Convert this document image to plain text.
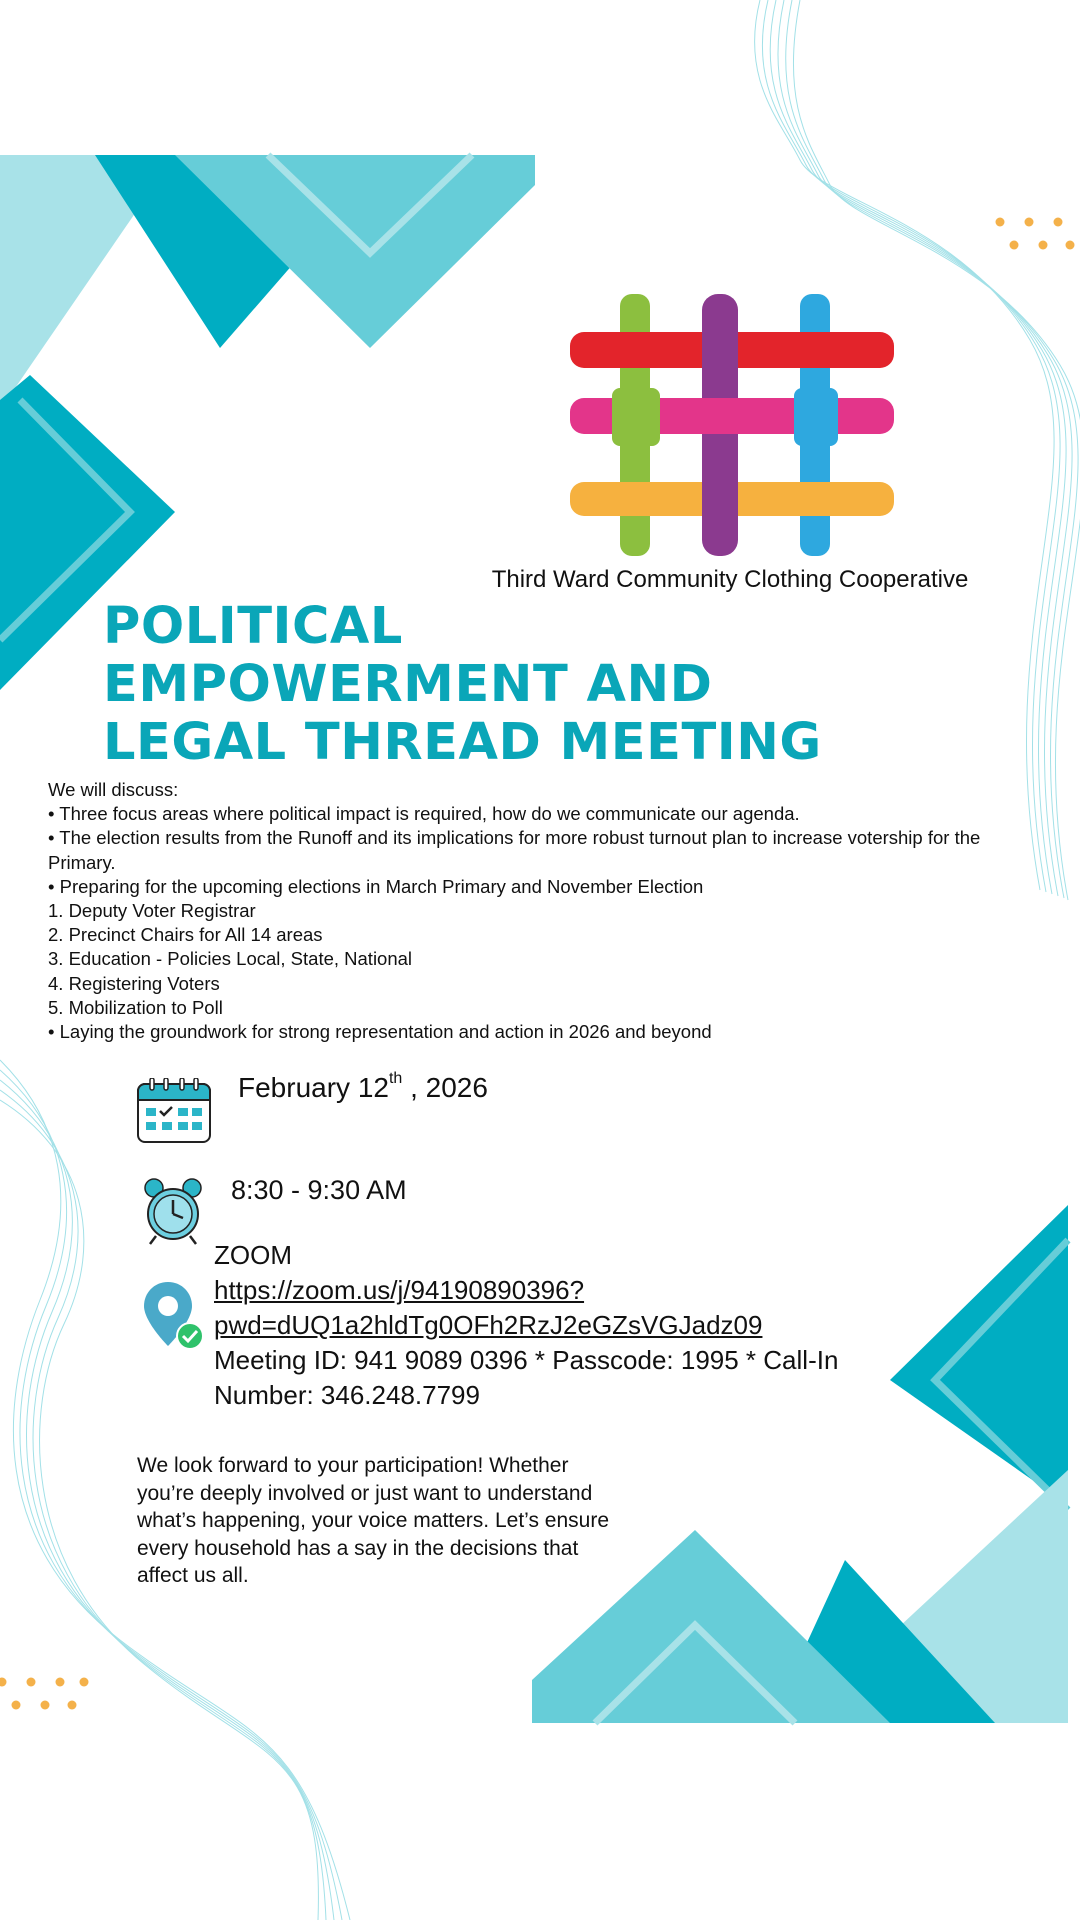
Third Ward Community Clothing Cooperative
POLITICAL
EMPOWERMENT AND
LEGAL THREAD MEETING
We will discuss:
• Three focus areas where political impact is required, how do we communicate our agenda.
• The election results from the Runoff and its implications for more robust turnout plan to increase votership for the Primary.
• Preparing for the upcoming elections in March Primary and November Election
1. Deputy Voter Registrar
2. Precinct Chairs for All 14 areas
3. Education - Policies Local, State, National
4. Registering Voters
5. Mobilization to Poll
• Laying the groundwork for strong representation and action in 2026 and beyond
February 12th , 2026
8:30 - 9:30 AM
ZOOM
https://zoom.us/j/94190890396?
pwd=dUQ1a2hldTg0OFh2RzJ2eGZsVGJadz09
Meeting ID: 941 9089 0396 * Passcode: 1995 * Call-In Number: 346.248.7799
We look forward to your participation! Whether you’re deeply involved or just want to understand what’s happening, your voice matters. Let’s ensure every household has a say in the decisions that affect us all.
